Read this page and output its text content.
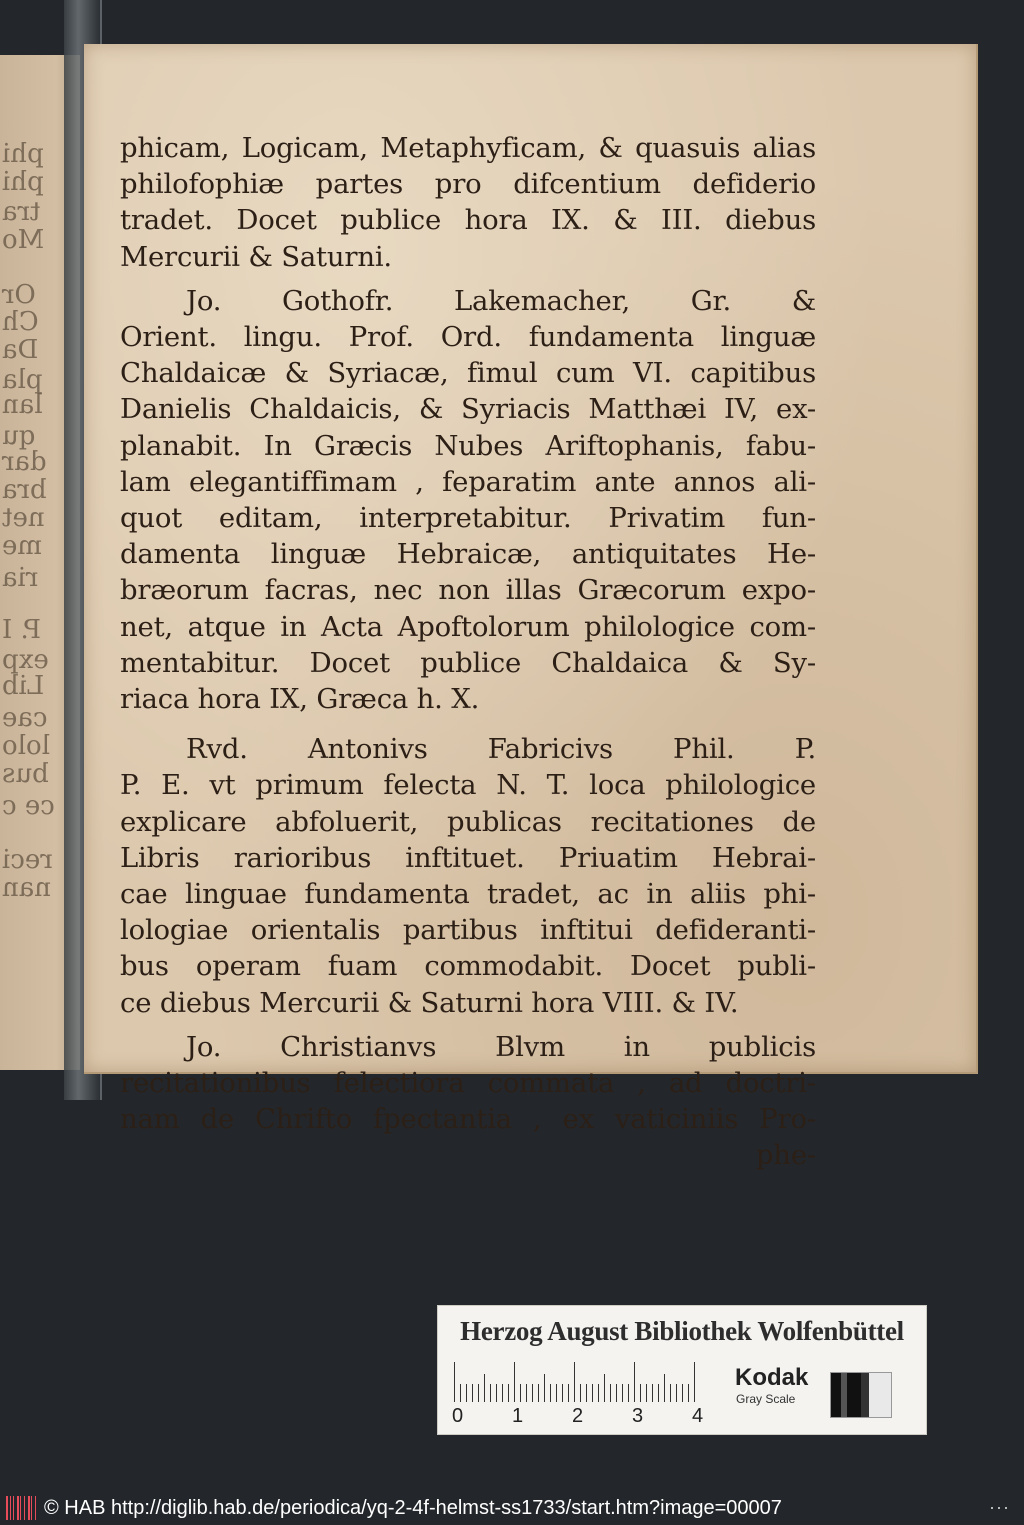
phi
phi
tra
Mo
Or
Ch
Da
pla
lan
qu
dar
bra
net
me
ria
P. I
exp
Lib
cae
lolo
bus
ce c
reci
nan

phicam, Logicam, Metaphyficam, & quasuis alias
philofophiæ partes pro difcentium defiderio
tradet. Docet publice hora IX. & III. diebus
Mercurii & Saturni.

Jo. Gothofr. Lakemacher, Gr. &
Orient. lingu. Prof. Ord. fundamenta linguæ
Chaldaicæ & Syriacæ, fimul cum VI. capitibus
Danielis Chaldaicis, & Syriacis Matthæi IV, ex-
planabit. In Græcis Nubes Ariftophanis, fabu-
lam elegantiffimam , feparatim ante annos ali-
quot editam, interpretabitur. Privatim fun-
damenta linguæ Hebraicæ, antiquitates He-
bræorum facras, nec non illas Græcorum expo-
net, atque in Acta Apoftolorum philologice com-
mentabitur. Docet publice Chaldaica & Sy-
riaca hora IX, Græca h. X.

Rvd. Antonivs Fabricivs Phil. P.
P. E. vt primum felecta N. T. loca philologice
explicare abfoluerit, publicas recitationes de
Libris rarioribus inftituet. Priuatim Hebrai-
cae linguae fundamenta tradet, ac in aliis phi-
lologiae orientalis partibus inftitui defideranti-
bus operam fuam commodabit. Docet publi-
ce diebus Mercurii & Saturni hora VIII. & IV.

Jo. Christianvs Blvm in publicis
recitationibus felectiora commata , ad doctri-
nam de Chrifto fpectantia , ex vaticiniis Pro-
phe-

Herzog August Bibliothek Wolfenbüttel
0 1 2 3 4
Kodak
Gray Scale
© HAB http://diglib.hab.de/periodica/yq-2-4f-helmst-ss1733/start.htm?image=00007	···
